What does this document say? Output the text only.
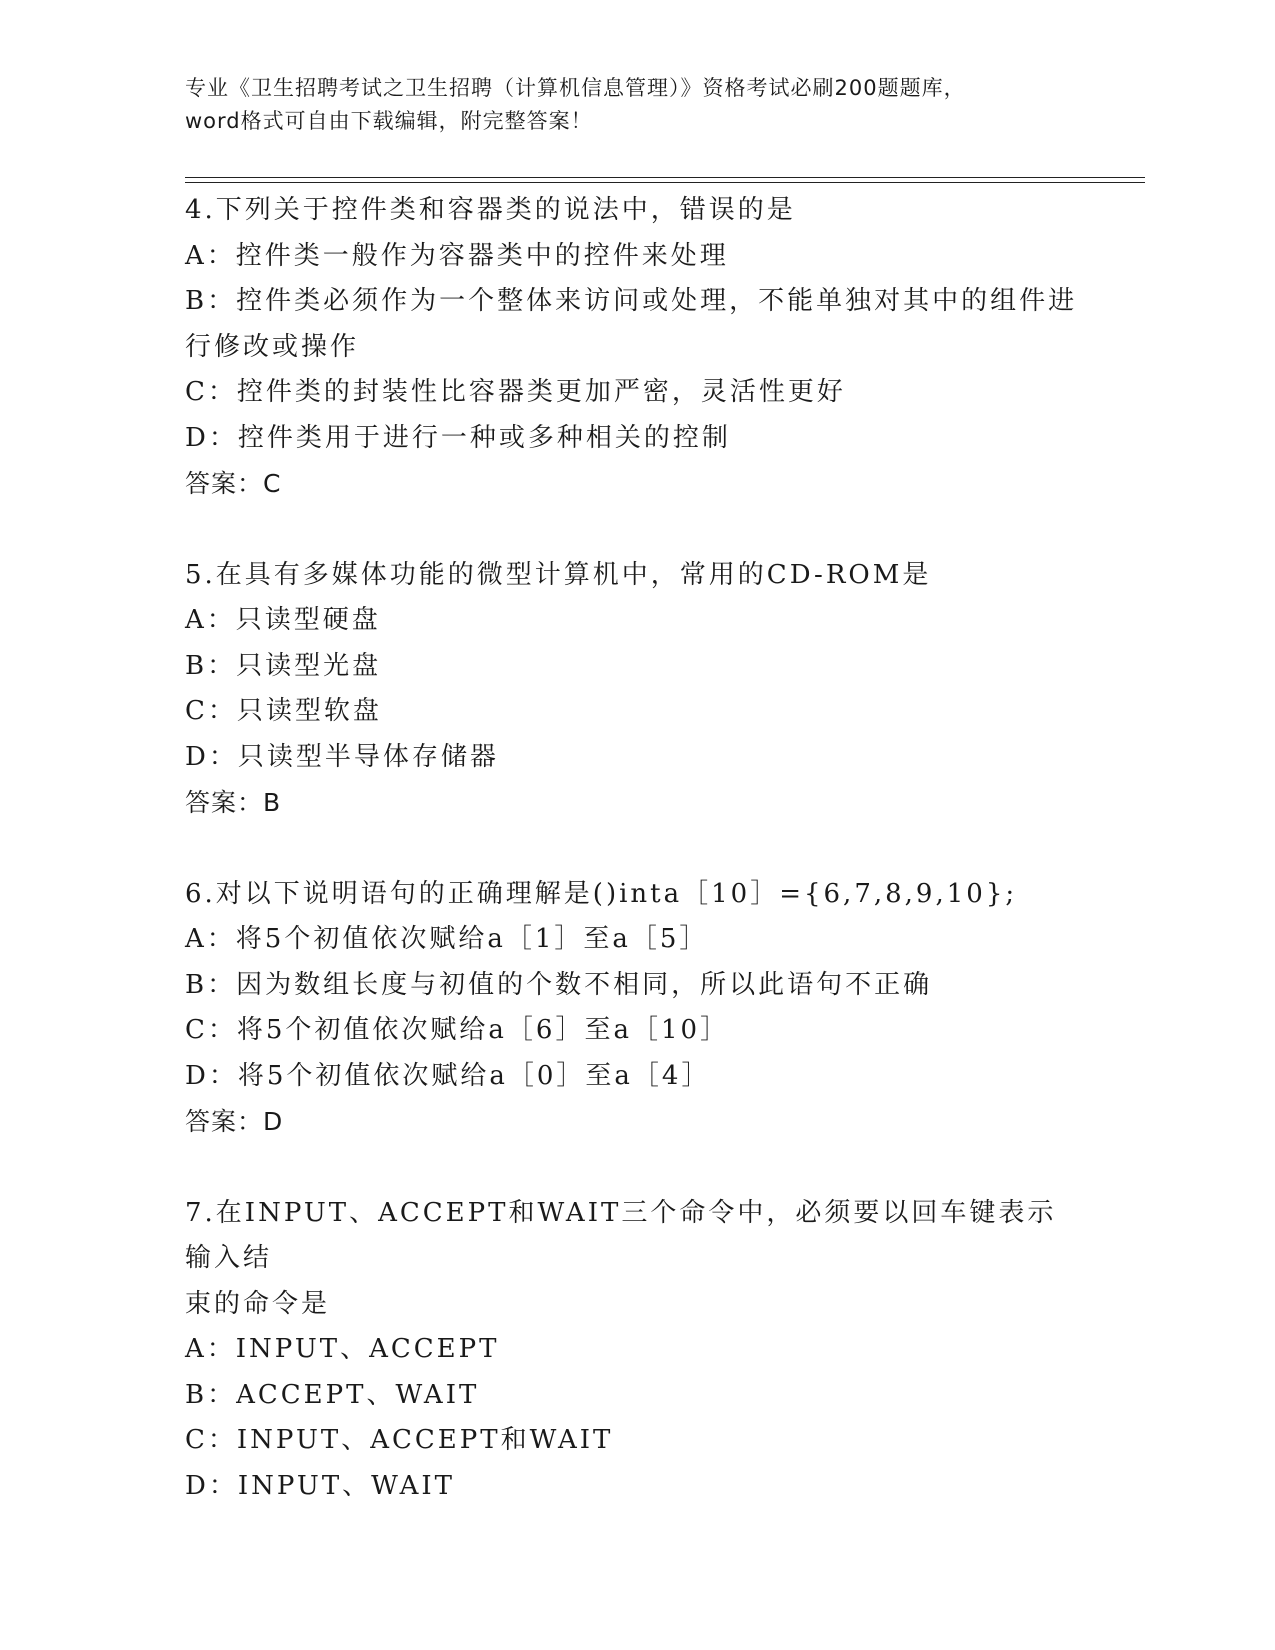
专业《卫生招聘考试之卫生招聘（计算机信息管理）》资格考试必刷200题题库，
word格式可自由下载编辑，附完整答案！
4.下列关于控件类和容器类的说法中，错误的是
A：控件类一般作为容器类中的控件来处理
B：控件类必须作为一个整体来访问或处理，不能单独对其中的组件进
行修改或操作
C：控件类的封装性比容器类更加严密，灵活性更好
D：控件类用于进行一种或多种相关的控制
答案：C
5.在具有多媒体功能的微型计算机中，常用的CD-ROM是
A：只读型硬盘
B：只读型光盘
C：只读型软盘
D：只读型半导体存储器
答案：B
6.对以下说明语句的正确理解是()inta［10］={6,7,8,9,10};
A：将5个初值依次赋给a［1］至a［5］
B：因为数组长度与初值的个数不相同，所以此语句不正确
C：将5个初值依次赋给a［6］至a［10］
D：将5个初值依次赋给a［0］至a［4］
答案：D
7.在INPUT、ACCEPT和WAIT三个命令中，必须要以回车键表示输入结
束的命令是
A：INPUT、ACCEPT
B：ACCEPT、WAIT
C：INPUT、ACCEPT和WAIT
D：INPUT、WAIT
